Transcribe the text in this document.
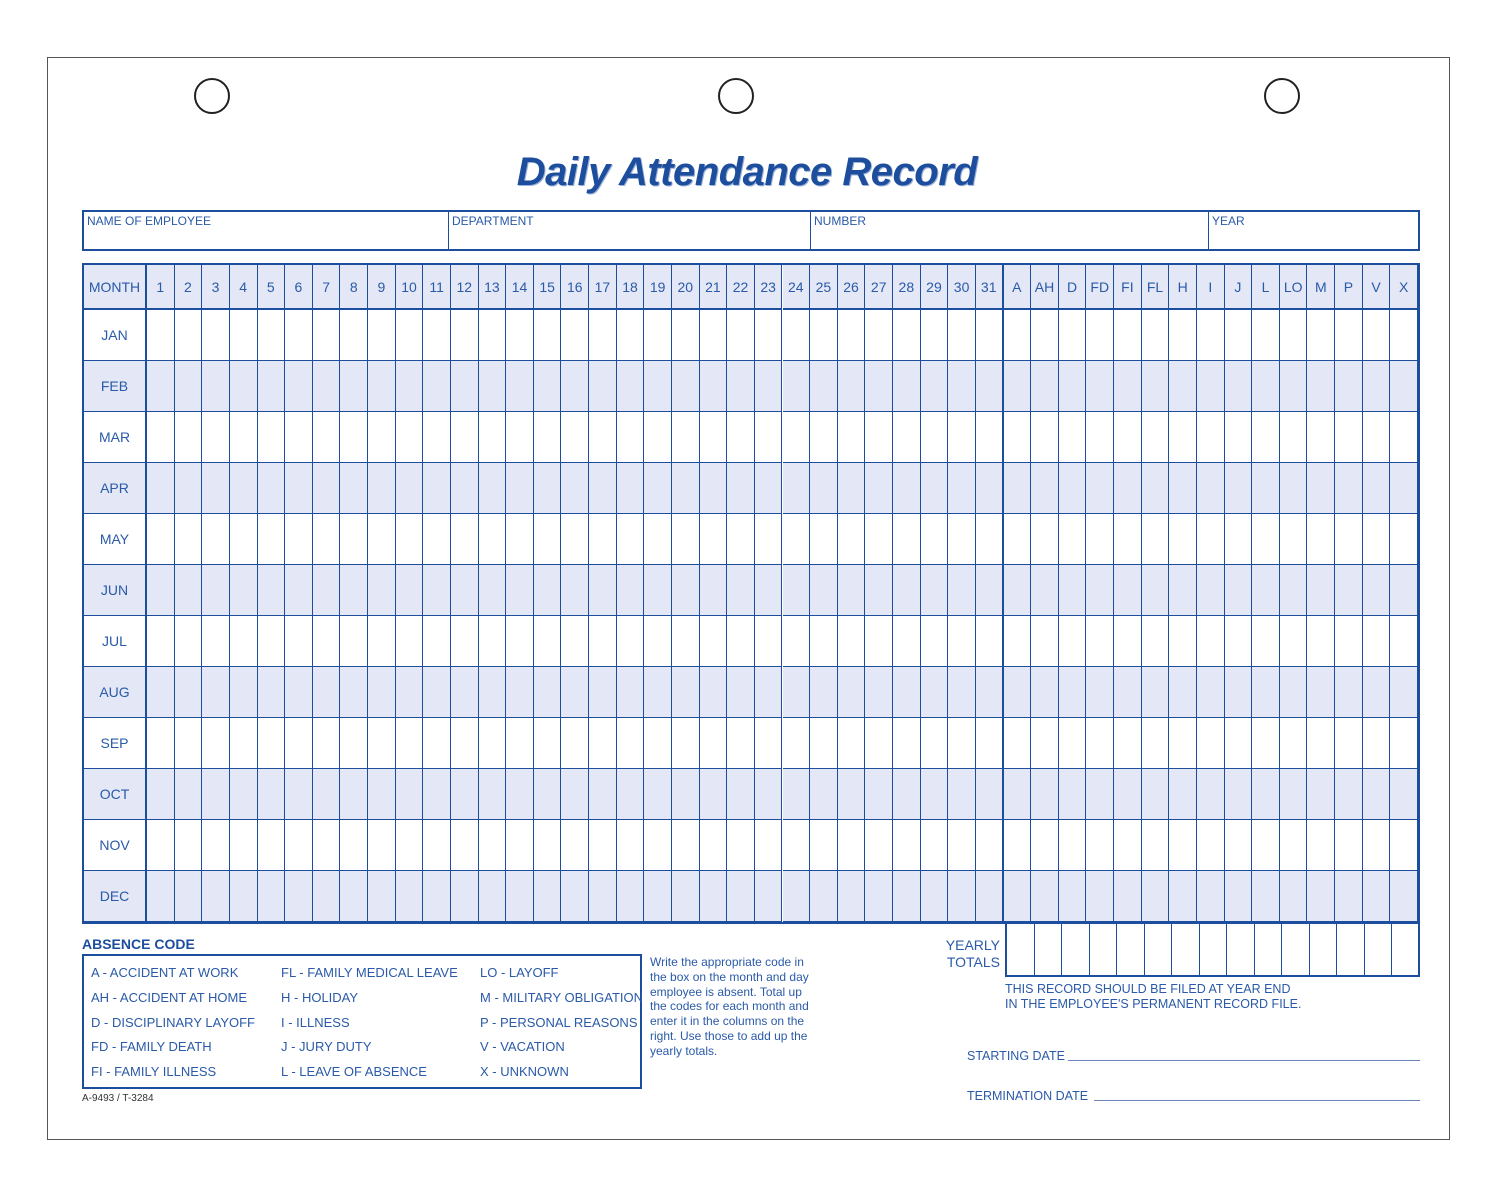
Daily Attendance Record
NAME OF EMPLOYEE	DEPARTMENT	NUMBER	YEAR
MONTH	1	2	3	4	5	6	7	8	9	10 11 12 13 14 15 16 17 18 19 20 21 22 23 24 25 26 27 28 29 30 31	A AH D FD FI FL	H	I	J	L	LO M	P	V	X
JAN
FEB
MAR
APR
MAY
JUN
JUL
AUG
SEP
OCT
NOV
DEC
YEARLY
TOTALS
ABSENCE CODE
A - ACCIDENT AT WORK
AH - ACCIDENT AT HOME
D - DISCIPLINARY LAYOFF
FD - FAMILY DEATH
FI - FAMILY ILLNESS
FL - FAMILY MEDICAL LEAVE
H - HOLIDAY
I - ILLNESS
J - JURY DUTY
L - LEAVE OF ABSENCE
LO - LAYOFF
M - MILITARY OBLIGATION
P - PERSONAL REASONS
V - VACATION
X - UNKNOWN
Write the appropriate code in the box on the month and day employee is absent. Total up the codes for each month and enter it in the columns on the right. Use those to add up the yearly totals.
THIS RECORD SHOULD BE FILED AT YEAR END
IN THE EMPLOYEE'S PERMANENT RECORD FILE.
STARTING DATE
TERMINATION DATE
A-9493 / T-3284
